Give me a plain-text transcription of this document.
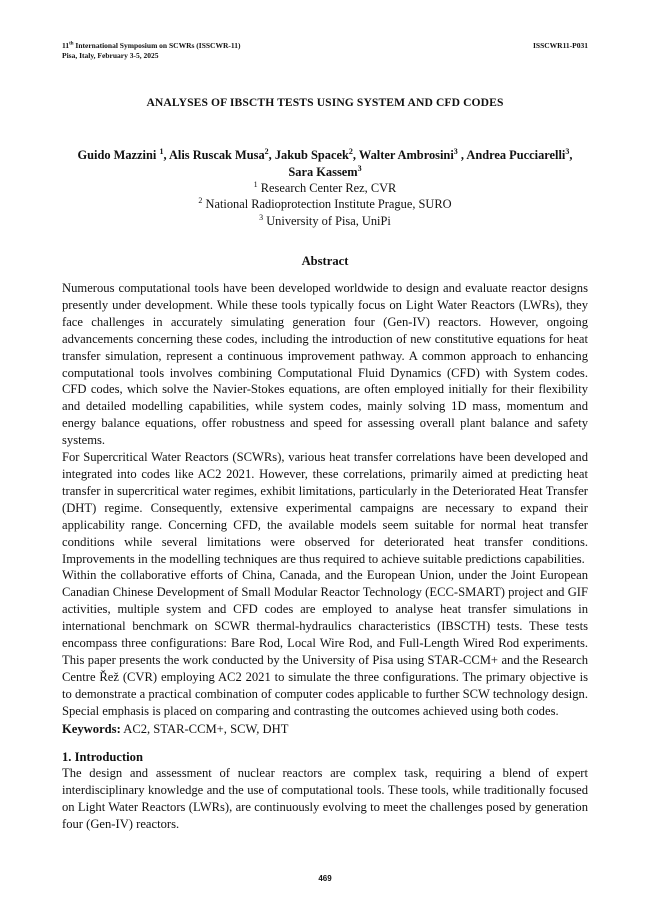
11th International Symposium on SCWRs (ISSCWR-11)
Pisa, Italy, February 3-5, 2025
ISSCWR11-P031
ANALYSES OF IBSCTH TESTS USING SYSTEM AND CFD CODES
Guido Mazzini $^1$, Alis Ruscak Musa$^2$, Jakub Spacek$^2$, Walter Ambrosini$^3$ , Andrea Pucciarelli$^3$,
Sara Kassem$^3$
$^1$ Research Center Rez, CVR
$^2$ National Radioprotection Institute Prague, SURO
$^3$ University of Pisa, UniPi
Abstract

Numerous computational tools have been developed worldwide to design and evaluate reactor designs presently under development. While these tools typically focus on Light Water Reactors (LWRs), they face challenges in accurately simulating generation four (Gen-IV) reactors. However, ongoing advancements concerning these codes, including the introduction of new constitutive equations for heat transfer simulation, represent a continuous improvement pathway. A common approach to enhancing computational tools involves combining Computational Fluid Dynamics (CFD) with System codes. CFD codes, which solve the Navier-Stokes equations, are often employed initially for their flexibility and detailed modelling capabilities, while system codes, mainly solving 1D mass, momentum and energy balance equations, offer robustness and speed for assessing overall plant balance and safety systems.

For Supercritical Water Reactors (SCWRs), various heat transfer correlations have been developed and integrated into codes like AC2 2021. However, these correlations, primarily aimed at predicting heat transfer in supercritical water regimes, exhibit limitations, particularly in the Deteriorated Heat Transfer (DHT) regime. Consequently, extensive experimental campaigns are necessary to expand their applicability range. Concerning CFD, the available models seem suitable for normal heat transfer conditions while several limitations were observed for deteriorated heat transfer conditions. Improvements in the modelling techniques are thus required to achieve suitable predictions capabilities.

Within the collaborative efforts of China, Canada, and the European Union, under the Joint European Canadian Chinese Development of Small Modular Reactor Technology (ECC-SMART) project and GIF activities, multiple system and CFD codes are employed to analyse heat transfer simulations in international benchmark on SCWR thermal-hydraulics characteristics (IBSCTH) tests. These tests encompass three configurations: Bare Rod, Local Wire Rod, and Full-Length Wired Rod experiments. This paper presents the work conducted by the University of Pisa using STAR-CCM+ and the Research Centre Řež (CVR) employing AC2 2021 to simulate the three configurations. The primary objective is to demonstrate a practical combination of computer codes applicable to further SCW technology design. Special emphasis is placed on comparing and contrasting the outcomes achieved using both codes.

Keywords: AC2, STAR-CCM+, SCW, DHT
1. Introduction

The design and assessment of nuclear reactors are complex task, requiring a blend of expert interdisciplinary knowledge and the use of computational tools. These tools, while traditionally focused on Light Water Reactors (LWRs), are continuously evolving to meet the challenges posed by generation four (Gen-IV) reactors.

469
